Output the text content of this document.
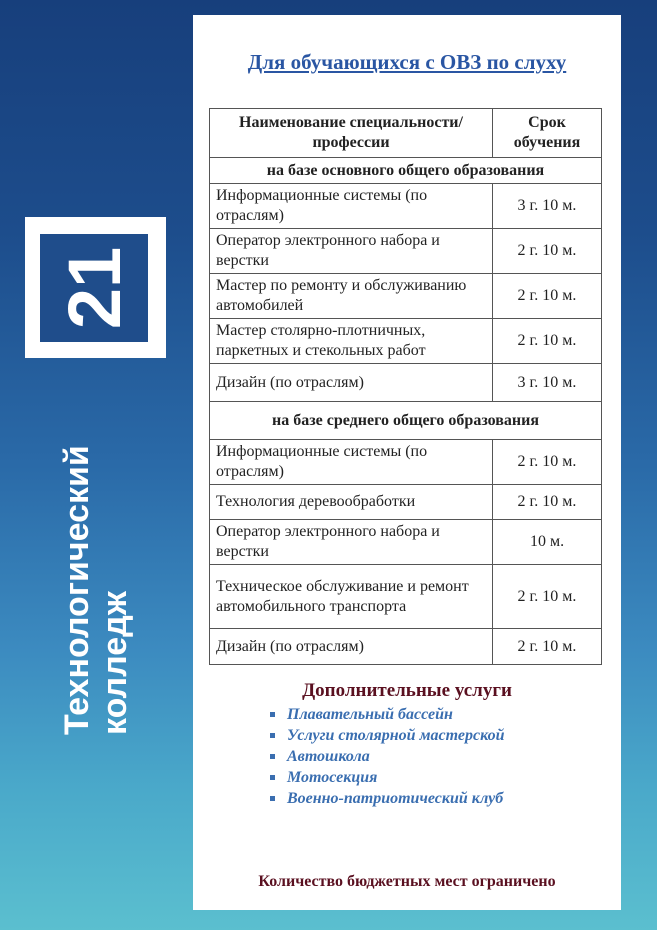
21
Технологический колледж
Для обучающихся с ОВЗ по слуху
Наименование специальности/ профессии	Срок обучения
на базе основного общего образования	
Информационные системы (по отраслям)	3 г. 10 м.
Оператор электронного набора и верстки	2 г. 10 м.
Мастер по ремонту и обслуживанию автомобилей	2 г. 10 м.
Мастер столярно-плотничных, паркетных и стекольных работ	2 г. 10 м.
Дизайн (по отраслям)	3 г. 10 м.
на базе среднего общего образования	
Информационные системы (по отраслям)	2 г. 10 м.
Технология деревообработки	2 г. 10 м.
Оператор электронного набора и верстки	10 м.
Техническое обслуживание и ремонт автомобильного транспорта	2 г. 10 м.
Дизайн (по отраслям)	2 г. 10 м.
Дополнительные услуги
Плавательный бассейн
Услуги столярной мастерской
Автошкола
Мотосекция
Военно-патриотический клуб
Количество бюджетных мест ограничено
